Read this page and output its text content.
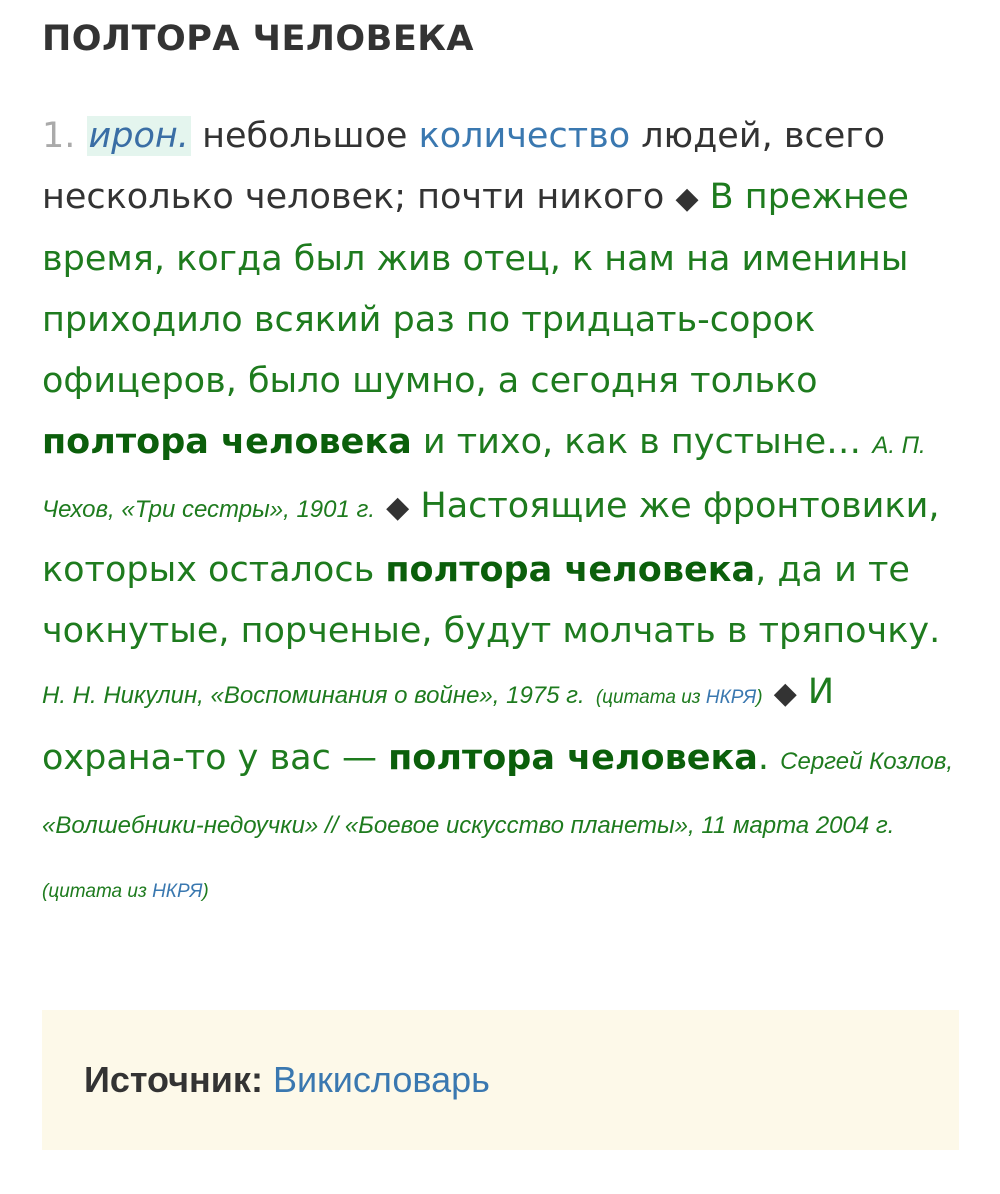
ПОЛТОРА ЧЕЛОВЕКА
1. ирон. небольшое количество людей, всего несколько человек; почти никого ◆ В прежнее время, когда был жив отец, к нам на именины приходило всякий раз по тридцать-сорок офицеров, было шумно, а сегодня только полтора человека и тихо, как в пустыне… А. П. Чехов, «Три сестры», 1901 г. ◆ Настоящие же фронтовики, которых осталось полтора человека, да и те чокнутые, порченые, будут молчать в тряпочку. Н. Н. Никулин, «Воспоминания о войне», 1975 г. (цитата из НКРЯ) ◆ И охрана-то у вас — полтора человека. Сергей Козлов, «Волшебники-недоучки» // «Боевое искусство планеты», 11 марта 2004 г. (цитата из НКРЯ)
Источник: Викисловарь
